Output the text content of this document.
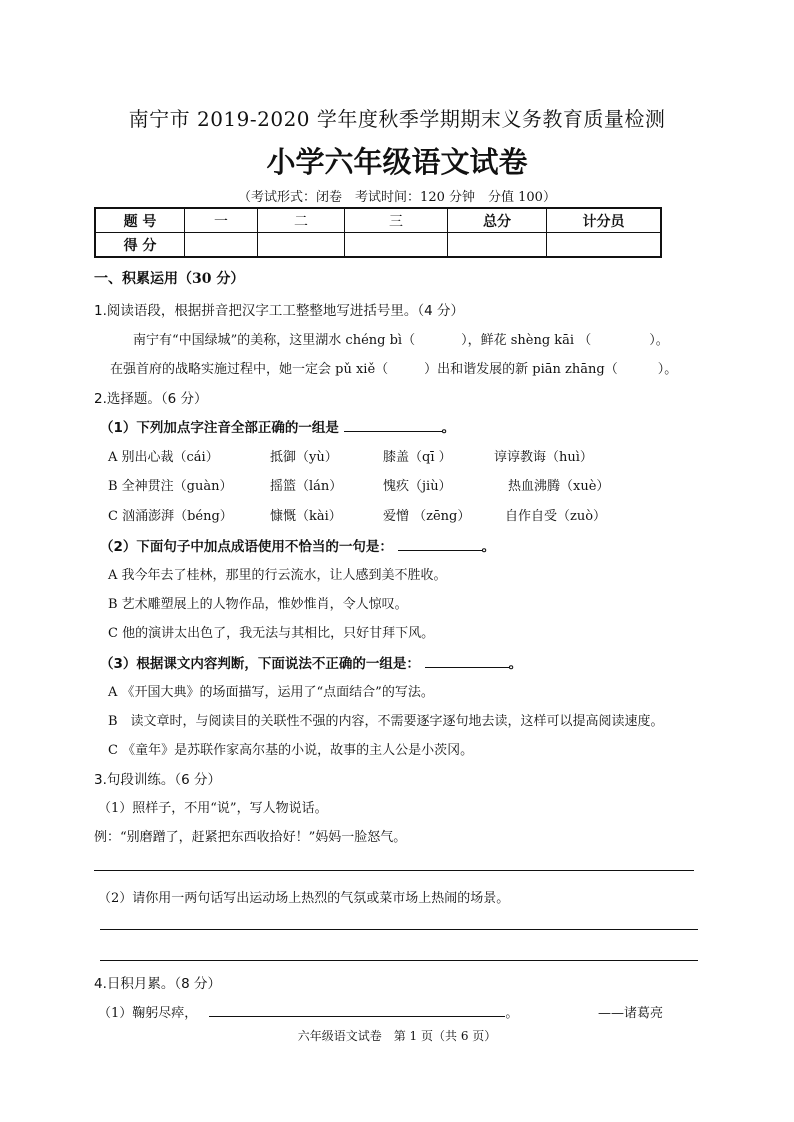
南宁市 2019-2020 学年度秋季学期期末义务教育质量检测
小学六年级语文试卷
（考试形式：闭卷　考试时间：120 分钟　分值 100）
题 号	一	二	三	总分	计分员
得 分					
一、积累运用（30 分）
1.阅读语段，根据拼音把汉字工工整整地写进括号里。（4 分）
南宁有“中国绿城”的美称，这里湖水 chéng bì（	），鲜花 shèng kāi （	）。
在强首府的战略实施过程中，她一定会 pǔ xiě（	）出和谐发展的新 piān zhāng（	）。
2.选择题。（6 分）
（1）下列加点字注音全部正确的一组是	。
A 别出心裁（cái）	抵御（yù）	膝盖（qī ）	谆谆教诲（huì）
B 全神贯注（guàn）	摇篮（lán）	愧疚（jiù）	热血沸腾（xuè）
C 汹涌澎湃（béng）	慷慨（kài）	爱憎 （zēng）	自作自受（zuò）
（2）下面句子中加点成语使用不恰当的一句是：	。
A 我今年去了桂林，那里的行云流水，让人感到美不胜收。
B 艺术雕塑展上的人物作品，惟妙惟肖，令人惊叹。
C 他的演讲太出色了，我无法与其相比，只好甘拜下风。
（3）根据课文内容判断，下面说法不正确的一组是：	。
A 《开国大典》的场面描写，运用了“点面结合”的写法。
B　读文章时，与阅读目的关联性不强的内容，不需要逐字逐句地去读，这样可以提高阅读速度。
C 《童年》是苏联作家高尔基的小说，故事的主人公是小茨冈。
3.句段训练。（6 分）
（1）照样子，不用“说”，写人物说话。
例：“别磨蹭了，赶紧把东西收拾好！”妈妈一脸怒气。
（2）请你用一两句话写出运动场上热烈的气氛或菜市场上热闹的场景。
4.日积月累。（8 分）
（1）鞠躬尽瘁，	。	——诸葛亮
六年级语文试卷　第 1 页（共 6 页）
